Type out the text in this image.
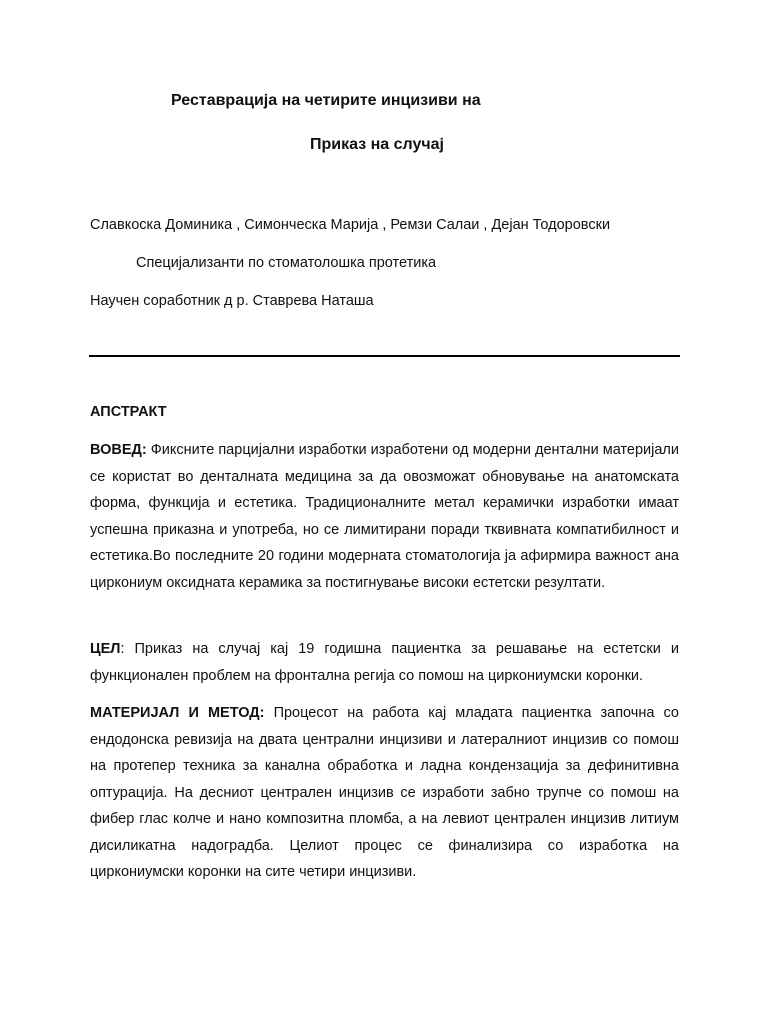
Реставрација на четирите инцизиви на
Приказ на случај
Славкоска Доминика , Симонческа Марија , Ремзи Салаи , Дејан Тодоровски
Специјализанти по стоматолошка протетика
Научен соработник д р. Ставрева Наташа
АПСТРАКТ
ВОВЕД: Фиксните парцијални изработки изработени од модерни дентални материјали се користат во денталната медицина за да овозможат обновување на анатомската форма, функција и естетика. Традиционалните метал керамички изработки имаат успешна приказна и употреба, но се лимитирани поради тквивната компатибилност и естетика.Во последните 20 години модерната стоматологија ја афирмира важност ана циркониум оксидната керамика за постигнување високи естетски резултати.
ЦЕЛ: Приказ на случај кај 19 годишна пациентка за решавање на естетски и функционален проблем на фронтална регија со помош на циркониумски коронки.
МАТЕРИЈАЛ И МЕТОД: Процесот на работа кај младата пациентка започна со ендодонска ревизија на двата централни инцизиви и латералниот инцизив со помош на протепер техника за канална обработка и ладна кондензација за дефинитивна оптурација. На десниот централен инцизив се изработи забно трупче со помош на фибер глас колче и нано композитна пломба, а на левиот централен инцизив литиум дисиликатна надоградба. Целиот процес се финализира со изработка на циркониумски коронки на сите четири инцизиви.
